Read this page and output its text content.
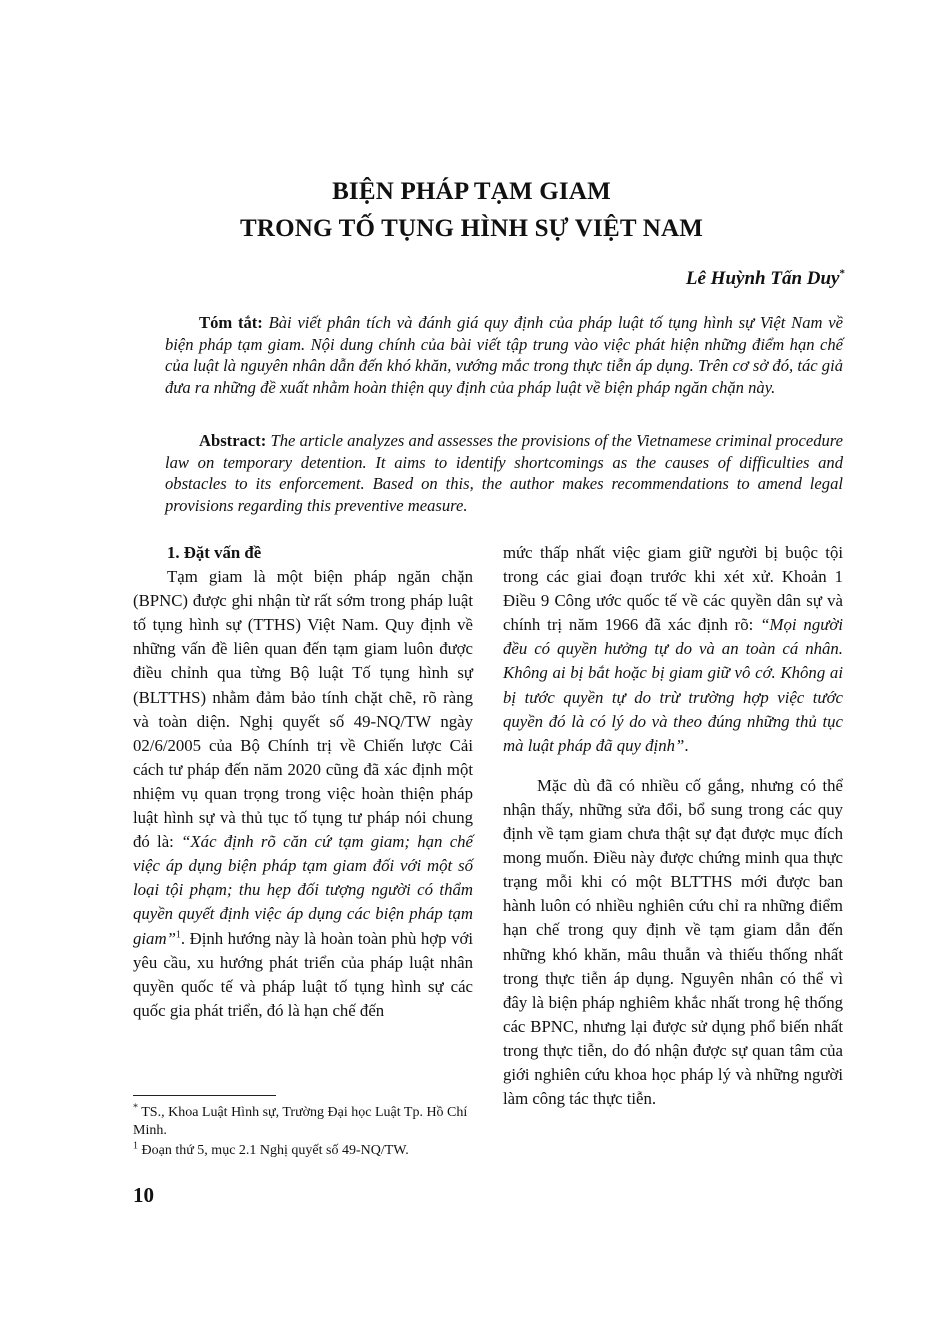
BIỆN PHÁP TẠM GIAM
TRONG TỐ TỤNG HÌNH SỰ VIỆT NAM

Lê Huỳnh Tấn Duy*

Tóm tắt: Bài viết phân tích và đánh giá quy định của pháp luật tố tụng hình sự Việt Nam về biện pháp tạm giam. Nội dung chính của bài viết tập trung vào việc phát hiện những điểm hạn chế của luật là nguyên nhân dẫn đến khó khăn, vướng mắc trong thực tiễn áp dụng. Trên cơ sở đó, tác giả đưa ra những đề xuất nhằm hoàn thiện quy định của pháp luật về biện pháp ngăn chặn này.

Abstract: The article analyzes and assesses the provisions of the Vietnamese criminal procedure law on temporary detention. It aims to identify shortcomings as the causes of difficulties and obstacles to its enforcement. Based on this, the author makes recommendations to amend legal provisions regarding this preventive measure.

1. Đặt vấn đề

Tạm giam là một biện pháp ngăn chặn (BPNC) được ghi nhận từ rất sớm trong pháp luật tố tụng hình sự (TTHS) Việt Nam. Quy định về những vấn đề liên quan đến tạm giam luôn được điều chỉnh qua từng Bộ luật Tố tụng hình sự (BLTTHS) nhằm đảm bảo tính chặt chẽ, rõ ràng và toàn diện. Nghị quyết số 49-NQ/TW ngày 02/6/2005 của Bộ Chính trị về Chiến lược Cải cách tư pháp đến năm 2020 cũng đã xác định một nhiệm vụ quan trọng trong việc hoàn thiện pháp luật hình sự và thủ tục tố tụng tư pháp nói chung đó là: “Xác định rõ căn cứ tạm giam; hạn chế việc áp dụng biện pháp tạm giam đối với một số loại tội phạm; thu hẹp đối tượng người có thẩm quyền quyết định việc áp dụng các biện pháp tạm giam”$^1$. Định hướng này là hoàn toàn phù hợp với yêu cầu, xu hướng phát triển của pháp luật nhân quyền quốc tế và pháp luật tố tụng hình sự các quốc gia phát triển, đó là hạn chế đến

mức thấp nhất việc giam giữ người bị buộc tội trong các giai đoạn trước khi xét xử. Khoản 1 Điều 9 Công ước quốc tế về các quyền dân sự và chính trị năm 1966 đã xác định rõ: “Mọi người đều có quyền hưởng tự do và an toàn cá nhân. Không ai bị bắt hoặc bị giam giữ vô cớ. Không ai bị tước quyền tự do trừ trường hợp việc tước quyền đó là có lý do và theo đúng những thủ tục mà luật pháp đã quy định”.

Mặc dù đã có nhiều cố gắng, nhưng có thể nhận thấy, những sửa đổi, bổ sung trong các quy định về tạm giam chưa thật sự đạt được mục đích mong muốn. Điều này được chứng minh qua thực trạng mỗi khi có một BLTTHS mới được ban hành luôn có nhiều nghiên cứu chỉ ra những điểm hạn chế trong quy định về tạm giam dẫn đến những khó khăn, mâu thuẫn và thiếu thống nhất trong thực tiễn áp dụng. Nguyên nhân có thể vì đây là biện pháp nghiêm khắc nhất trong hệ thống các BPNC, nhưng lại được sử dụng phổ biến nhất trong thực tiễn, do đó nhận được sự quan tâm của giới nghiên cứu khoa học pháp lý và những người làm công tác thực tiễn.

* TS., Khoa Luật Hình sự, Trường Đại học Luật Tp. Hồ Chí Minh.

$^1$ Đoạn thứ 5, mục 2.1 Nghị quyết số 49-NQ/TW.

10
